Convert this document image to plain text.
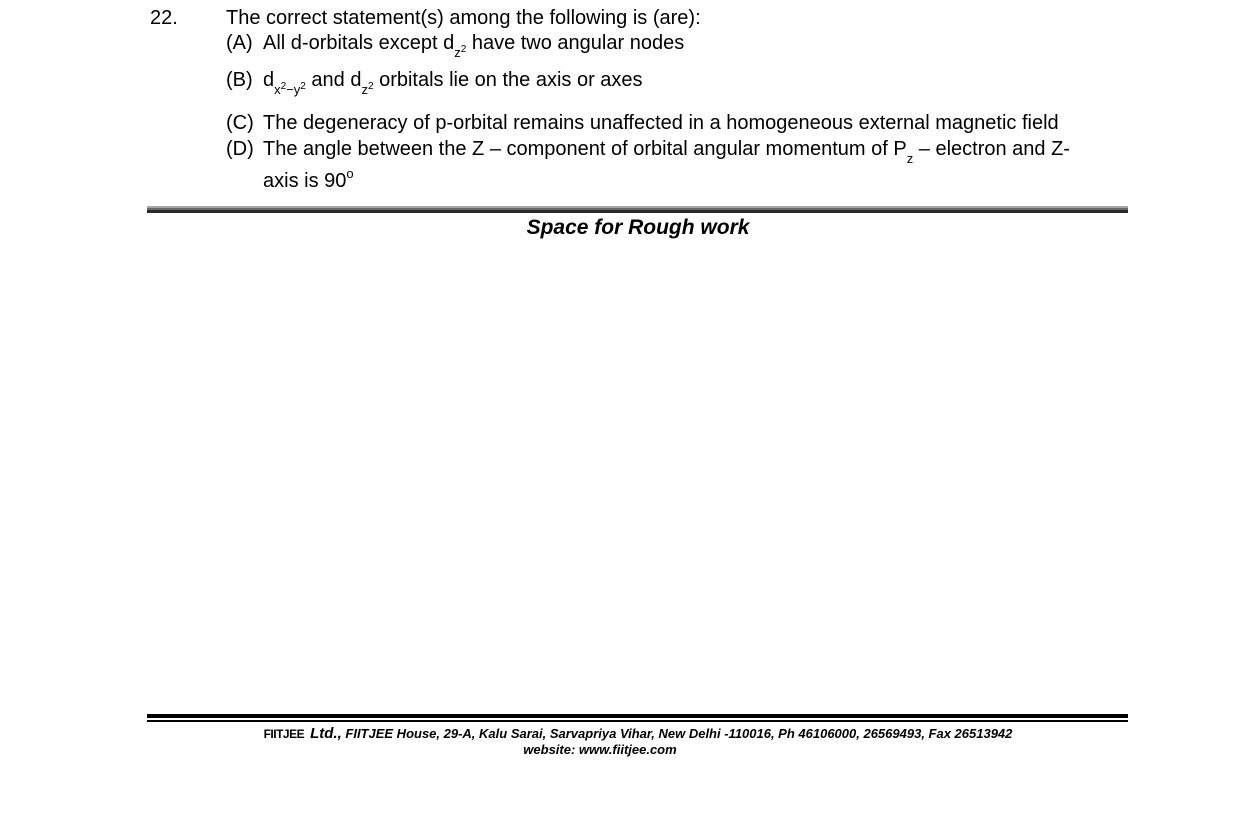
22. The correct statement(s) among the following is (are):
(A) All d-orbitals except $d_{z^2}$ have two angular nodes
(B) $d_{x^2-y^2}$ and $d_{z^2}$ orbitals lie on the axis or axes
(C) The degeneracy of p-orbital remains unaffected in a homogeneous external magnetic field
(D) The angle between the Z – component of orbital angular momentum of $P_z$ – electron and Z-
axis is 90$^o$
Space for Rough work
FIITJEE Ltd., FIITJEE House, 29-A, Kalu Sarai, Sarvapriya Vihar, New Delhi -110016, Ph 46106000, 26569493, Fax 26513942
website: www.fiitjee.com
